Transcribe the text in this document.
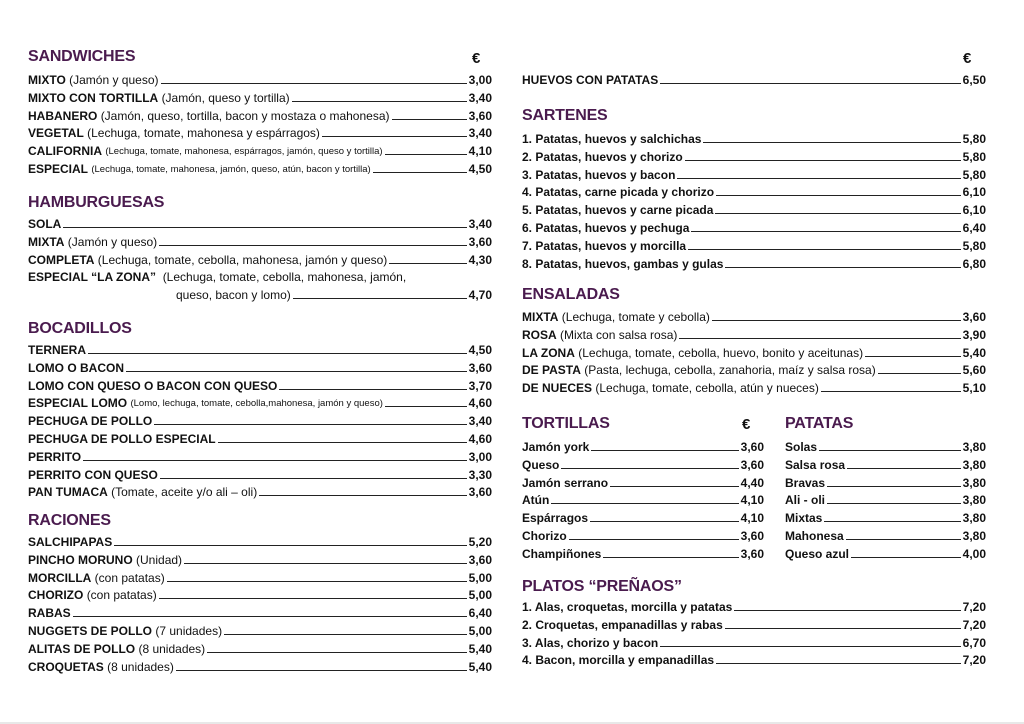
SANDWICHES	€
MIXTO
(Jamón y queso)	3,00
MIXTO CON TORTILLA
(Jamón, queso y tortilla)	3,40
HABANERO
(Jamón, queso, tortilla, bacon y mostaza o mahonesa)	3,60
VEGETAL
(Lechuga, tomate, mahonesa y espárragos)	3,40
CALIFORNIA
(Lechuga, tomate, mahonesa, espárragos, jamón, queso y tortilla)	4,10
ESPECIAL
(Lechuga, tomate, mahonesa, jamón, queso, atún, bacon y tortilla)	4,50
HAMBURGUESAS
SOLA	3,40
MIXTA
(Jamón y queso)	3,60
COMPLETA
(Lechuga, tomate, cebolla, mahonesa, jamón y queso)	4,30
ESPECIAL “LA ZONA”
(Lechuga, tomate, cebolla, mahonesa, jamón,
queso, bacon y lomo)	4,70
BOCADILLOS
TERNERA	4,50
LOMO O BACON	3,60
LOMO CON QUESO O BACON CON QUESO	3,70
ESPECIAL LOMO
(Lomo, lechuga, tomate, cebolla,mahonesa, jamón y queso)	4,60
PECHUGA DE POLLO	3,40
PECHUGA DE POLLO ESPECIAL	4,60
PERRITO	3,00
PERRITO CON QUESO	3,30
PAN TUMACA
(Tomate, aceite y/o ali – oli)	3,60
RACIONES
SALCHIPAPAS	5,20
PINCHO MORUNO
(Unidad)	3,60
MORCILLA
(con patatas)	5,00
CHORIZO
(con patatas)	5,00
RABAS	6,40
NUGGETS DE POLLO
(7 unidades)	5,00
ALITAS DE POLLO
(8 unidades)	5,40
CROQUETAS
(8 unidades)	5,40
€
HUEVOS CON PATATAS	6,50
SARTENES
1. Patatas, huevos y salchichas	5,80
2. Patatas, huevos y chorizo	5,80
3. Patatas, huevos y bacon	5,80
4. Patatas, carne picada y chorizo	6,10
5. Patatas, huevos y carne picada	6,10
6. Patatas, huevos y pechuga	6,40
7. Patatas, huevos y morcilla	5,80
8. Patatas, huevos, gambas y gulas	6,80
ENSALADAS
MIXTA
(Lechuga, tomate y cebolla)	3,60
ROSA
(Mixta con salsa rosa)	3,90
LA ZONA
(Lechuga, tomate, cebolla, huevo, bonito y aceitunas)	5,40
DE PASTA
(Pasta, lechuga, cebolla, zanahoria, maíz y salsa rosa)	5,60
DE NUECES
(Lechuga, tomate, cebolla, atún y nueces)	5,10
TORTILLAS	€
Jamón york	3,60
Queso	3,60
Jamón serrano	4,40
Atún	4,10
Espárragos	4,10
Chorizo	3,60
Champiñones	3,60
PATATAS
Solas	3,80
Salsa rosa	3,80
Bravas	3,80
Ali - oli	3,80
Mixtas	3,80
Mahonesa	3,80
Queso azul	4,00
PLATOS “PREÑAOS”
1. Alas, croquetas, morcilla y patatas	7,20
2. Croquetas, empanadillas y rabas	7,20
3. Alas, chorizo y bacon	6,70
4. Bacon, morcilla y empanadillas	7,20
